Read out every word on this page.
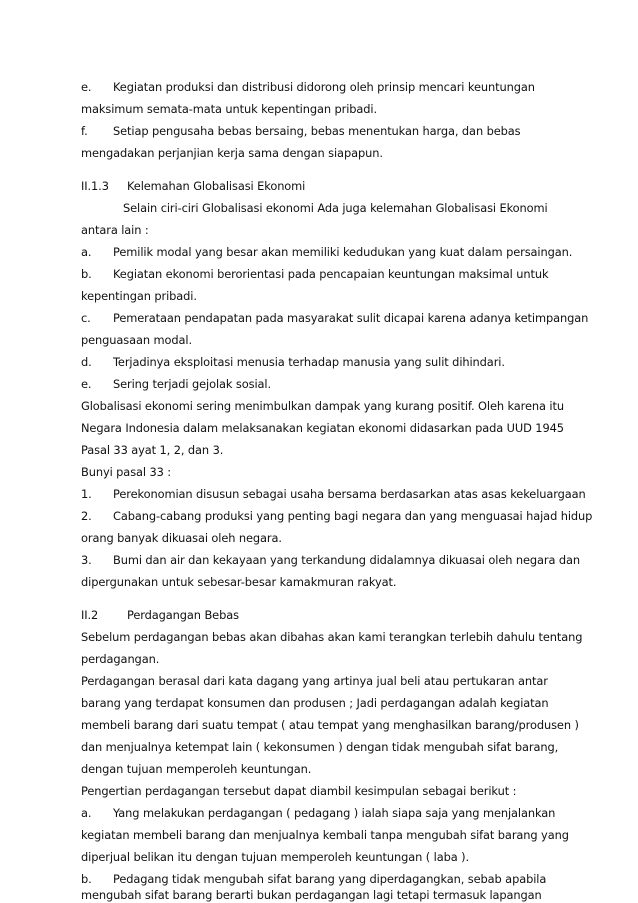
e. Kegiatan produksi dan distribusi didorong oleh prinsip mencari keuntungan
maksimum semata-mata untuk kepentingan pribadi.
f. Setiap pengusaha bebas bersaing, bebas menentukan harga, dan bebas
mengadakan perjanjian kerja sama dengan siapapun.
II.1.3 Kelemahan Globalisasi Ekonomi
Selain ciri-ciri Globalisasi ekonomi Ada juga kelemahan Globalisasi Ekonomi
antara lain :
a. Pemilik modal yang besar akan memiliki kedudukan yang kuat dalam persaingan.
b. Kegiatan ekonomi berorientasi pada pencapaian keuntungan maksimal untuk
kepentingan pribadi.
c. Pemerataan pendapatan pada masyarakat sulit dicapai karena adanya ketimpangan
penguasaan modal.
d. Terjadinya eksploitasi menusia terhadap manusia yang sulit dihindari.
e. Sering terjadi gejolak sosial.
Globalisasi ekonomi sering menimbulkan dampak yang kurang positif. Oleh karena itu
Negara Indonesia dalam melaksanakan kegiatan ekonomi didasarkan pada UUD 1945
Pasal 33 ayat 1, 2, dan 3.
Bunyi pasal 33 :
1. Perekonomian disusun sebagai usaha bersama berdasarkan atas asas kekeluargaan
2. Cabang-cabang produksi yang penting bagi negara dan yang menguasai hajad hidup
orang banyak dikuasai oleh negara.
3. Bumi dan air dan kekayaan yang terkandung didalamnya dikuasai oleh negara dan
dipergunakan untuk sebesar-besar kamakmuran rakyat.
II.2	Perdagangan Bebas
Sebelum perdagangan bebas akan dibahas akan kami terangkan terlebih dahulu tentang
perdagangan.
Perdagangan berasal dari kata dagang yang artinya jual beli atau pertukaran antar
barang yang terdapat konsumen dan produsen ; Jadi perdagangan adalah kegiatan
membeli barang dari suatu tempat ( atau tempat yang menghasilkan barang/produsen )
dan menjualnya ketempat lain ( kekonsumen ) dengan tidak mengubah sifat barang,
dengan tujuan memperoleh keuntungan.
Pengertian perdagangan tersebut dapat diambil kesimpulan sebagai berikut :
a. Yang melakukan perdagangan ( pedagang ) ialah siapa saja yang menjalankan
kegiatan membeli barang dan menjualnya kembali tanpa mengubah sifat barang yang
diperjual belikan itu dengan tujuan memperoleh keuntungan ( laba ).
b. Pedagang tidak mengubah sifat barang yang diperdagangkan, sebab apabila
mengubah sifat barang berarti bukan perdagangan lagi tetapi termasuk lapangan
